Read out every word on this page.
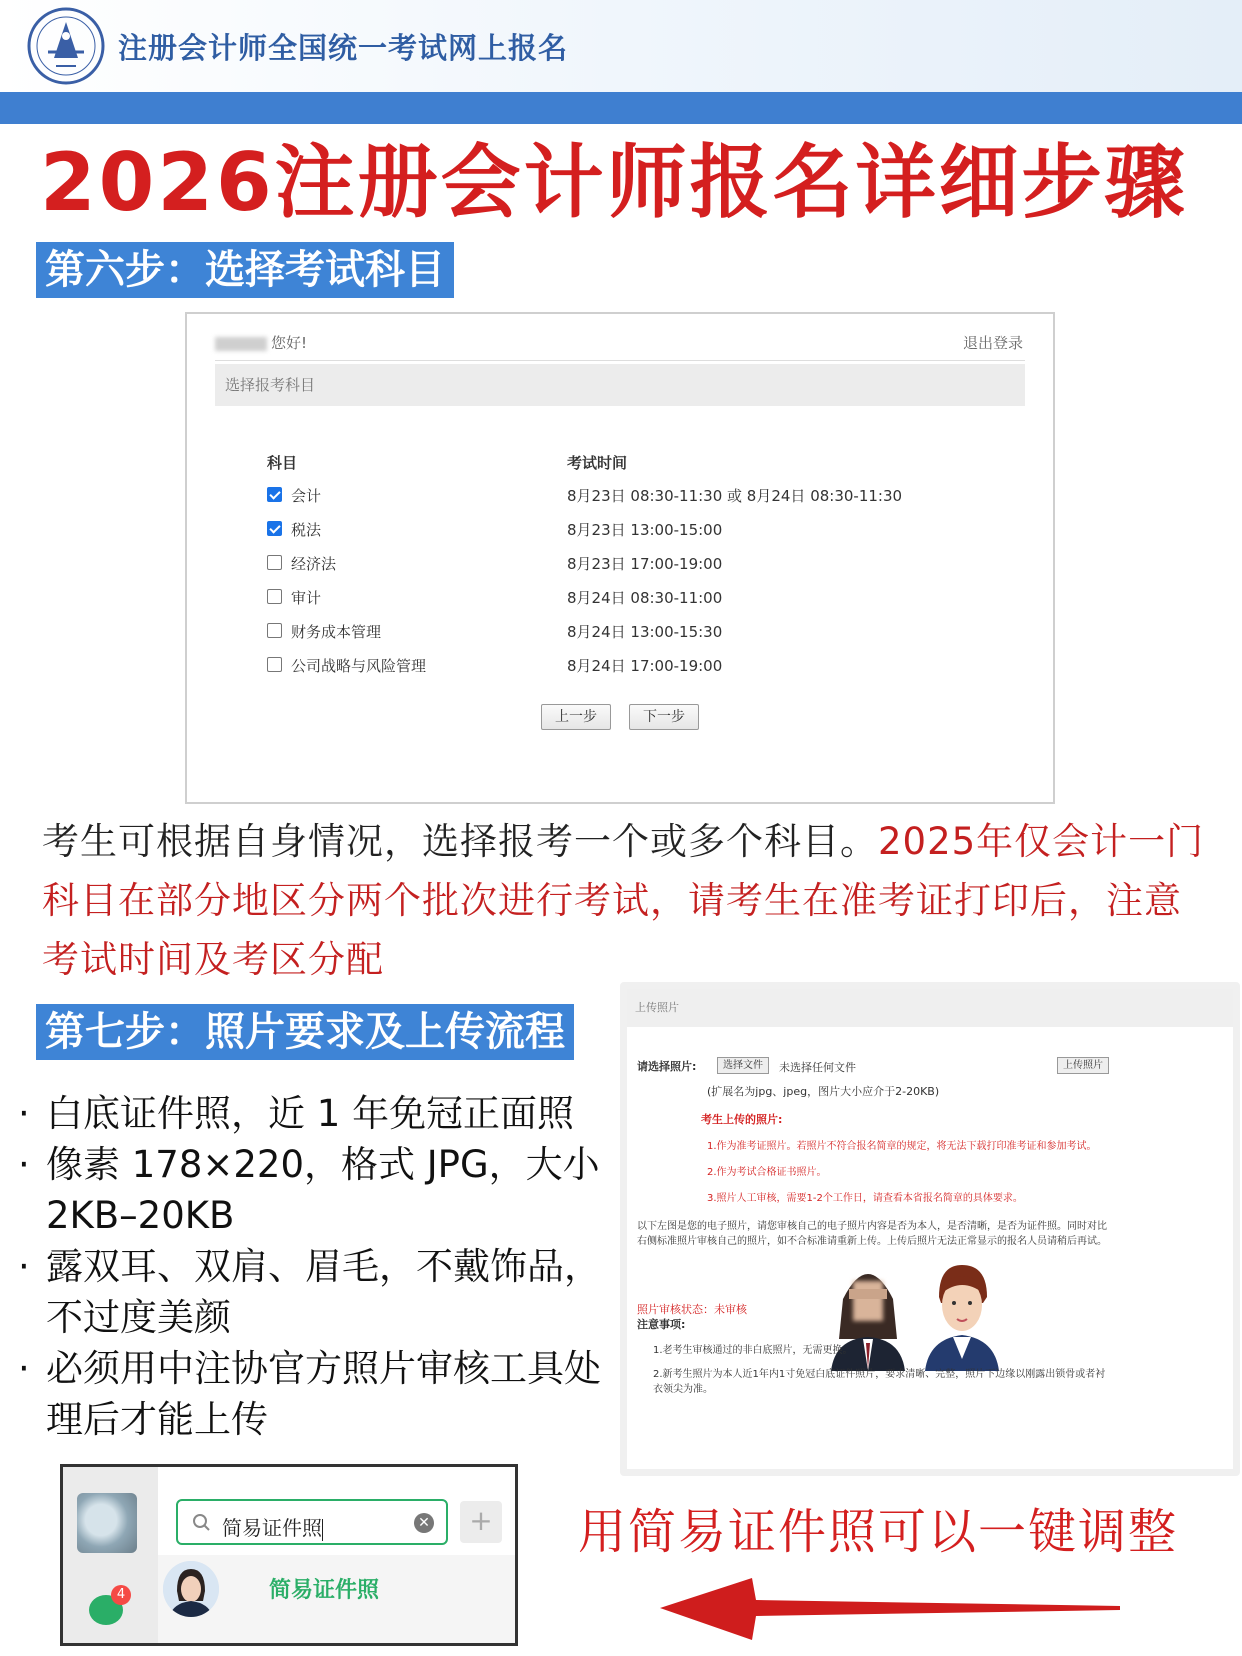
注册会计师全国统一考试网上报名
2026注册会计师报名详细步骤
第六步：选择考试科目
您好!	退出登录
选择报考科目
科目	考试时间
会计	8月23日 08:30-11:30 或 8月24日 08:30-11:30
税法	8月23日 13:00-15:00
经济法	8月23日 17:00-19:00
审计	8月24日 08:30-11:00
财务成本管理	8月24日 13:00-15:30
公司战略与风险管理	8月24日 17:00-19:00
上一步	下一步
考生可根据自身情况，选择报考一个或多个科目。2025年仅会计一门科目在部分地区分两个批次进行考试，请考生在准考证打印后，注意考试时间及考区分配
第七步：照片要求及上传流程
· 白底证件照，近 1 年免冠正面照
· 像素 178×220，格式 JPG，大小 2KB–20KB
· 露双耳、双肩、眉毛，不戴饰品，不过度美颜
· 必须用中注协官方照片审核工具处理后才能上传
上传照片
请选择照片:	选择文件	未选择任何文件	上传照片
(扩展名为jpg、jpeg，图片大小应介于2-20KB)
考生上传的照片:
1.作为准考证照片。若照片不符合报名简章的规定，将无法下载打印准考证和参加考试。
2.作为考试合格证书照片。
3.照片人工审核，需要1-2个工作日，请查看本省报名简章的具体要求。
以下左图是您的电子照片，请您审核自己的电子照片内容是否为本人，是否清晰，是否为证件照。同时对比
右侧标准照片审核自己的照片，如不合标准请重新上传。上传后照片无法正常显示的报名人员请稍后再试。
照片审核状态：未审核
注意事项:
1.老考生审核通过的非白底照片，无需更换。
2.新考生照片为本人近1年内1寸免冠白底证件照片，要求清晰、完整，照片下边缘以刚露出锁骨或者衬
衣领尖为准。
4
简易证件照	✕	+
简易证件照
用简易证件照可以一键调整
